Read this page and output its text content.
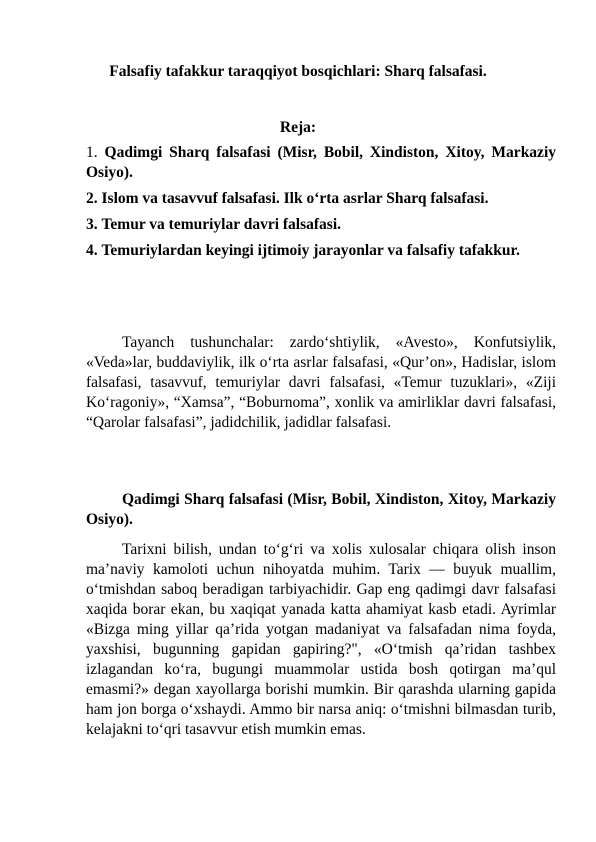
Falsafiy tafakkur taraqqiyot bosqichlari: Sharq falsafasi.
Reja:
1. Qadimgi Sharq falsafasi (Misr, Bobil, Xindiston, Xitoy, Markaziy Osiyo).
2. Islom va tasavvuf falsafasi. Ilk o‘rta asrlar Sharq falsafasi.
3. Temur va temuriylar davri falsafasi.
4. Temuriylardan keyingi ijtimoiy jarayonlar va falsafiy tafakkur.

Tayanch tushunchalar: zardo‘shtiylik, «Avesto», Konfutsiylik, «Veda»lar, buddaviylik, ilk o‘rta asrlar falsafasi, «Qur’on», Hadislar, islom falsafasi, tasavvuf, temuriylar davri falsafasi, «Temur tuzuklari», «Ziji Ko‘ragoniy», “Xamsa”, “Boburnoma”, xonlik va amirliklar davri falsafasi, “Qarolar falsafasi”, jadidchilik, jadidlar falsafasi.

Qadimgi Sharq falsafasi (Misr, Bobil, Xindiston, Xitoy, Markaziy Osiyo).

Tarixni bilish, undan to‘g‘ri va xolis xulosalar chiqara olish inson ma’naviy kamoloti uchun nihoyatda muhim. Tarix — buyuk muallim, o‘tmishdan saboq beradigan tarbiyachidir. Gap eng qadimgi davr falsafasi xaqida borar ekan, bu xaqiqat yanada katta ahamiyat kasb etadi. Ayrimlar «Bizga ming yillar qa’rida yotgan madaniyat va falsafadan nima foyda, yaxshisi, bugunning gapidan gapiring?", «O‘tmish qa’ridan tashbex izlagandan ko‘ra, bugungi muammolar ustida bosh qotirgan ma’qul emasmi?» degan xayollarga borishi mumkin. Bir qarashda ularning gapida ham jon borga o‘xshaydi. Ammo bir narsa aniq: o‘tmishni bilmasdan turib, kelajakni to‘qri tasavvur etish mumkin emas.
